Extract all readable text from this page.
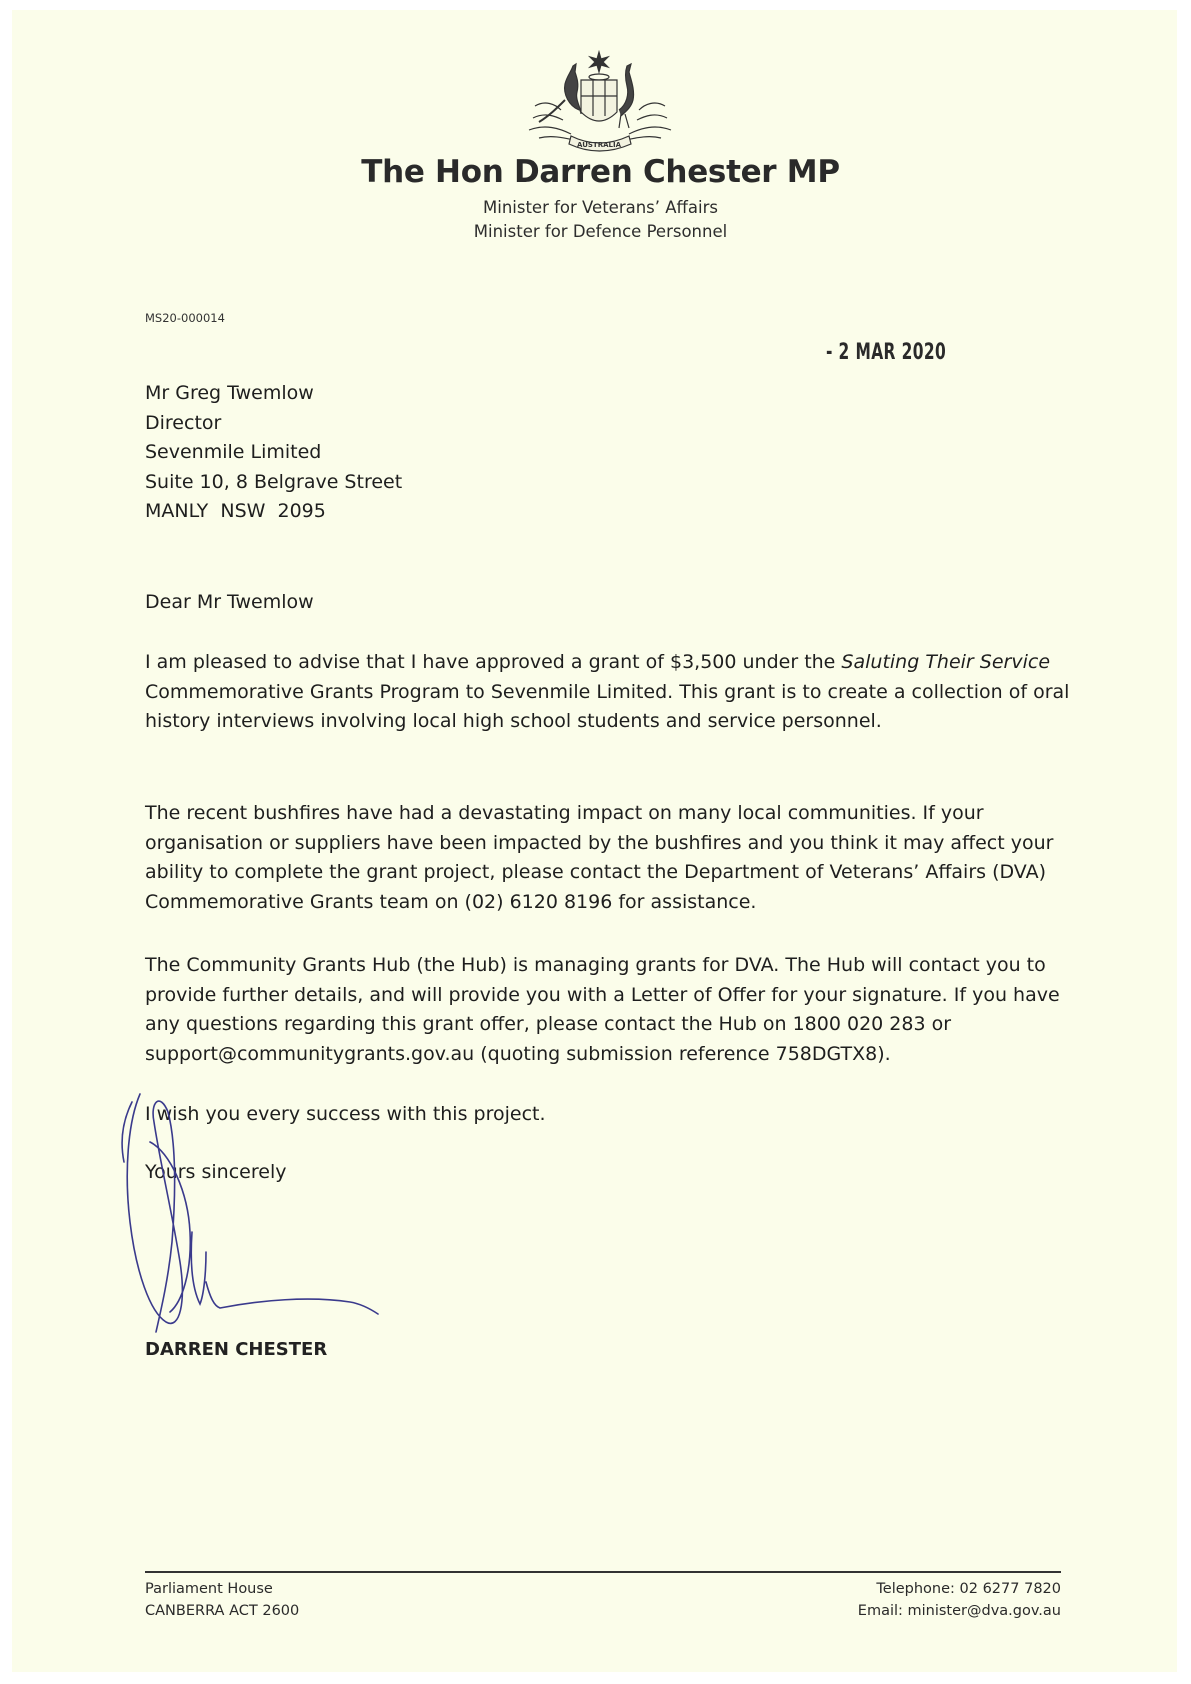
AUSTRALIA
The Hon Darren Chester MP
Minister for Veterans’ Affairs
Minister for Defence Personnel
MS20-000014
- 2 MAR 2020
Mr Greg Twemlow
Director
Sevenmile Limited
Suite 10, 8 Belgrave Street
MANLY  NSW  2095
Dear Mr Twemlow
I am pleased to advise that I have approved a grant of $3,500 under the Saluting Their Service Commemorative Grants Program to Sevenmile Limited. This grant is to create a collection of oral history interviews involving local high school students and service personnel.
The recent bushfires have had a devastating impact on many local communities. If your organisation or suppliers have been impacted by the bushfires and you think it may affect your ability to complete the grant project, please contact the Department of Veterans’ Affairs (DVA) Commemorative Grants team on (02) 6120 8196 for assistance.
The Community Grants Hub (the Hub) is managing grants for DVA. The Hub will contact you to provide further details, and will provide you with a Letter of Offer for your signature. If you have any questions regarding this grant offer, please contact the Hub on 1800 020 283 or support@communitygrants.gov.au (quoting submission reference 758DGTX8).
I wish you every success with this project.
Yours sincerely
DARREN CHESTER
Parliament House
CANBERRA ACT 2600
Telephone: 02 6277 7820
Email: minister@dva.gov.au
